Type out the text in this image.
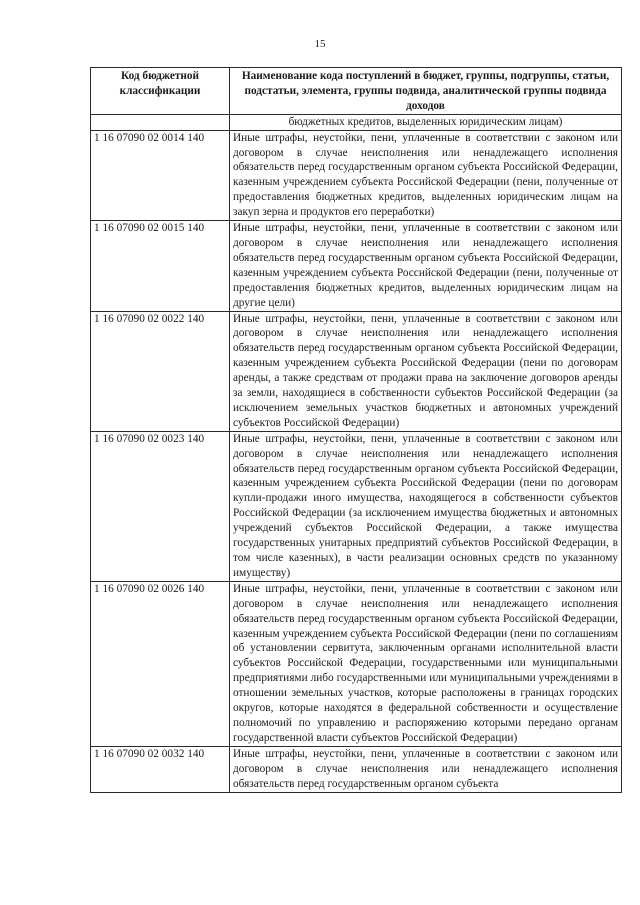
15
Код бюджетной классификации	Наименование кода поступлений в бюджет, группы, подгруппы, статьи, подстатьи, элемента, группы подвида, аналитической группы подвида доходов
	бюджетных кредитов, выделенных юридическим лицам)
1 16 07090 02 0014 140	Иные штрафы, неустойки, пени, уплаченные в соответствии с законом или договором в случае неисполнения или ненадлежащего исполнения обязательств перед государственным органом субъекта Российской Федерации, казенным учреждением субъекта Российской Федерации (пени, полученные от предоставления бюджетных кредитов, выделенных юридическим лицам на закуп зерна и продуктов его переработки)
1 16 07090 02 0015 140	Иные штрафы, неустойки, пени, уплаченные в соответствии с законом или договором в случае неисполнения или ненадлежащего исполнения обязательств перед государственным органом субъекта Российской Федерации, казенным учреждением субъекта Российской Федерации (пени, полученные от предоставления бюджетных кредитов, выделенных юридическим лицам на другие цели)
1 16 07090 02 0022 140	Иные штрафы, неустойки, пени, уплаченные в соответствии с законом или договором в случае неисполнения или ненадлежащего исполнения обязательств перед государственным органом субъекта Российской Федерации, казенным учреждением субъекта Российской Федерации (пени по договорам аренды, а также средствам от продажи права на заключение договоров аренды за земли, находящиеся в собственности субъектов Российской Федерации (за исключением земельных участков бюджетных и автономных учреждений субъектов Российской Федерации)
1 16 07090 02 0023 140	Иные штрафы, неустойки, пени, уплаченные в соответствии с законом или договором в случае неисполнения или ненадлежащего исполнения обязательств перед государственным органом субъекта Российской Федерации, казенным учреждением субъекта Российской Федерации (пени по договорам купли-продажи иного имущества, находящегося в собственности субъектов Российской Федерации (за исключением имущества бюджетных и автономных учреждений субъектов Российской Федерации, а также имущества государственных унитарных предприятий субъектов Российской Федерации, в том числе казенных), в части реализации основных средств по указанному имуществу)
1 16 07090 02 0026 140	Иные штрафы, неустойки, пени, уплаченные в соответствии с законом или договором в случае неисполнения или ненадлежащего исполнения обязательств перед государственным органом субъекта Российской Федерации, казенным учреждением субъекта Российской Федерации (пени по соглашениям об установлении сервитута, заключенным органами исполнительной власти субъектов Российской Федерации, государственными или муниципальными предприятиями либо государственными или муниципальными учреждениями в отношении земельных участков, которые расположены в границах городских округов, которые находятся в федеральной собственности и осуществление полномочий по управлению и распоряжению которыми передано органам государственной власти субъектов Российской Федерации)
1 16 07090 02 0032 140	Иные штрафы, неустойки, пени, уплаченные в соответствии с законом или договором в случае неисполнения или ненадлежащего исполнения обязательств перед государственным органом субъекта
